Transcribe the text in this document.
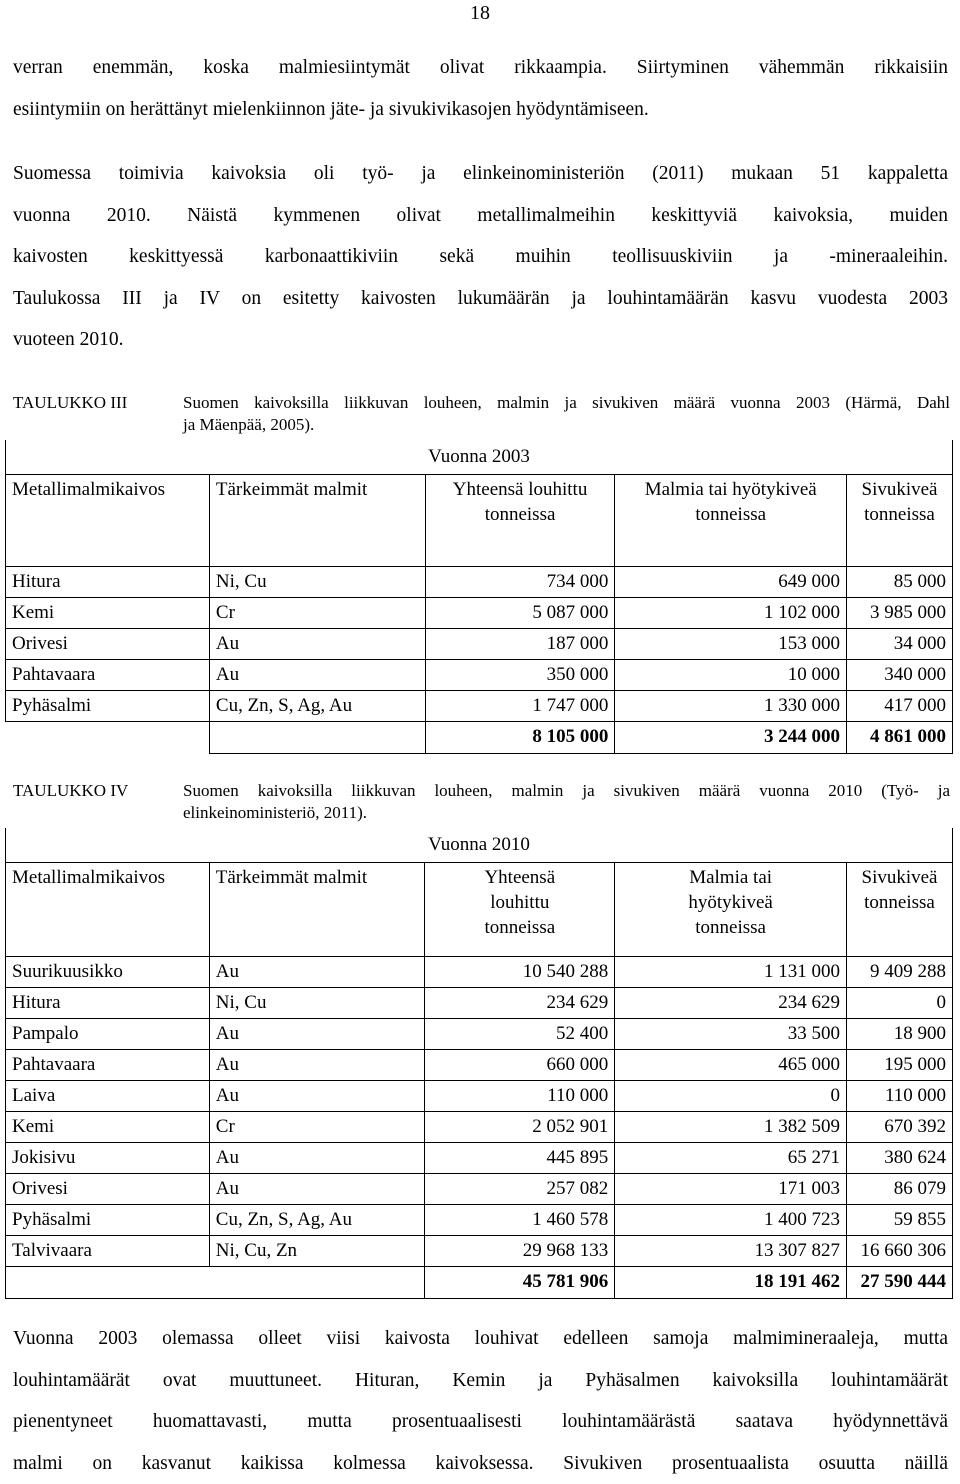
18
verran enemmän, koska malmiesiintymät olivat rikkaampia. Siirtyminen vähemmän rikkaisiin
esiintymiin on herättänyt mielenkiinnon jäte- ja sivukivikasojen hyödyntämiseen.
Suomessa toimivia kaivoksia oli työ- ja elinkeinoministeriön (2011) mukaan 51 kappaletta
vuonna 2010. Näistä kymmenen olivat metallimalmeihin keskittyviä kaivoksia, muiden
kaivosten keskittyessä karbonaattikiviin sekä muihin teollisuuskiviin ja -mineraaleihin.
Taulukossa III ja IV on esitetty kaivosten lukumäärän ja louhintamäärän kasvu vuodesta 2003
vuoteen 2010.
TAULUKKO III	Suomen kaivoksilla liikkuvan louheen, malmin ja sivukiven määrä vuonna 2003 (Härmä, Dahl
ja Mäenpää, 2005).
Vuonna 2003				
Metallimalmikaivos	Tärkeimmät malmit	Yhteensä louhittu tonneissa	Malmia tai hyötykiveä tonneissa	Sivukiveä tonneissa
Hitura	Ni, Cu	734 000	649 000	85 000
Kemi	Cr	5 087 000	1 102 000	3 985 000
Orivesi	Au	187 000	153 000	34 000
Pahtavaara	Au	350 000	10 000	340 000
Pyhäsalmi	Cu, Zn, S, Ag, Au	1 747 000	1 330 000	417 000
		8 105 000	3 244 000	4 861 000
TAULUKKO IV	Suomen kaivoksilla liikkuvan louheen, malmin ja sivukiven määrä vuonna 2010 (Työ- ja
elinkeinoministeriö, 2011).
Vuonna 2010				
Metallimalmikaivos	Tärkeimmät malmit	Yhteensä louhittu tonneissa	Malmia tai hyötykiveä tonneissa	Sivukiveä tonneissa
Suurikuusikko	Au	10 540 288	1 131 000	9 409 288
Hitura	Ni, Cu	234 629	234 629	0
Pampalo	Au	52 400	33 500	18 900
Pahtavaara	Au	660 000	465 000	195 000
Laiva	Au	110 000	0	110 000
Kemi	Cr	2 052 901	1 382 509	670 392
Jokisivu	Au	445 895	65 271	380 624
Orivesi	Au	257 082	171 003	86 079
Pyhäsalmi	Cu, Zn, S, Ag, Au	1 460 578	1 400 723	59 855
Talvivaara	Ni, Cu, Zn	29 968 133	13 307 827	16 660 306
		45 781 906	18 191 462	27 590 444
Vuonna 2003 olemassa olleet viisi kaivosta louhivat edelleen samoja malmimineraaleja, mutta
louhintamäärät ovat muuttuneet. Hituran, Kemin ja Pyhäsalmen kaivoksilla louhintamäärät
pienentyneet huomattavasti, mutta prosentuaalisesti louhintamäärästä saatava hyödynnettävä
malmi on kasvanut kaikissa kolmessa kaivoksessa. Sivukiven prosentuaalista osuutta näillä
